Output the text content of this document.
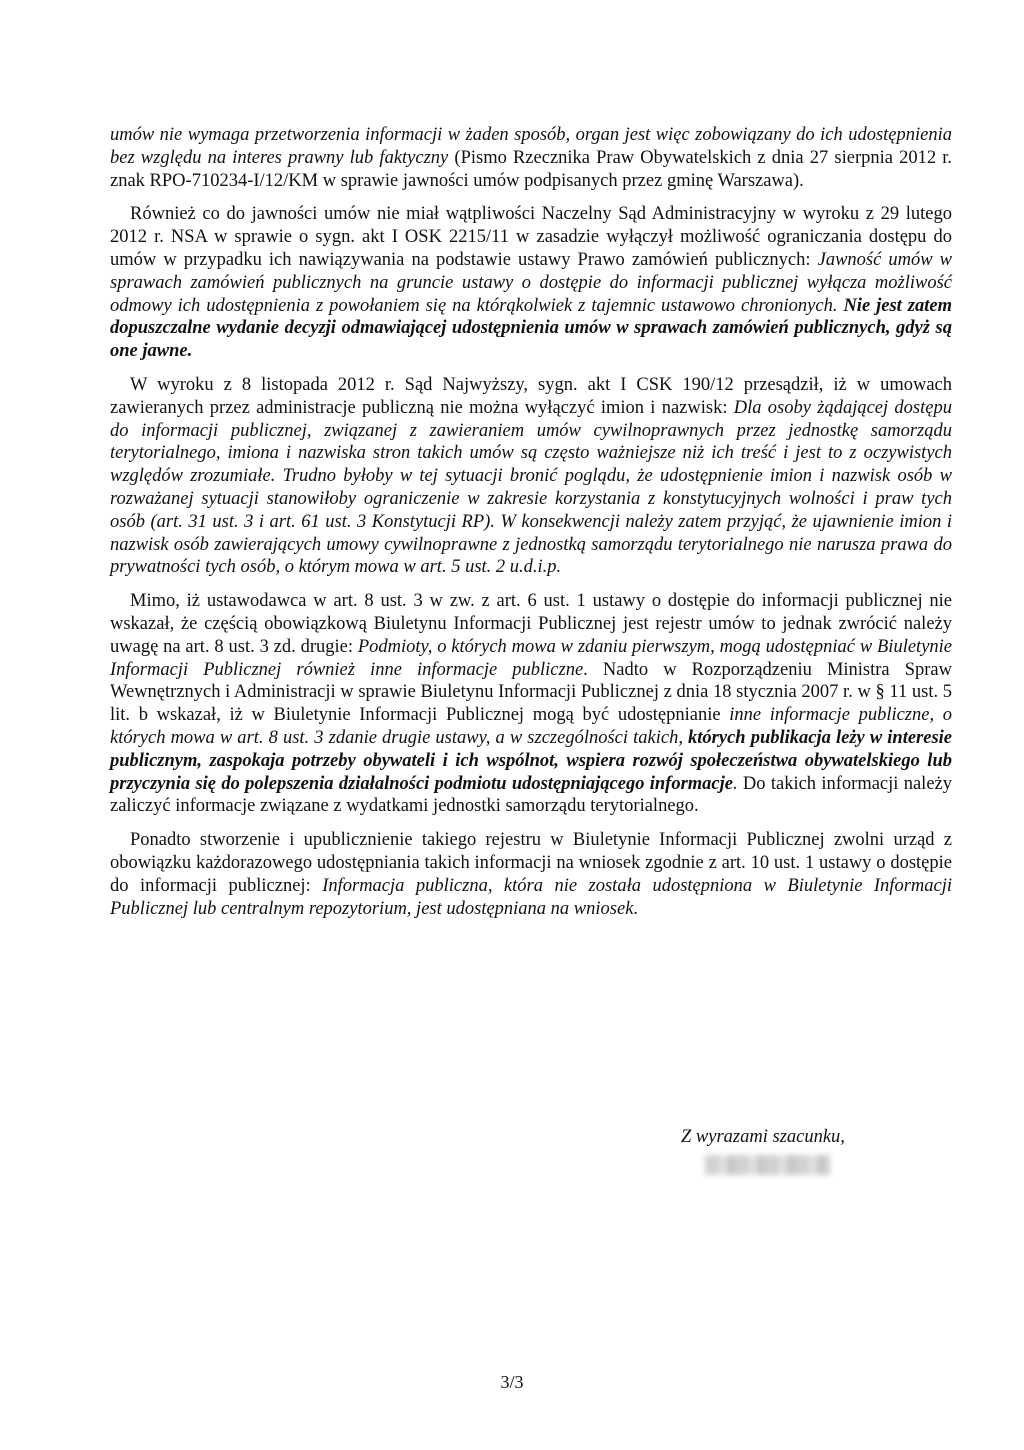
umów nie wymaga przetworzenia informacji w żaden sposób, organ jest więc zobowiązany do ich udostępnienia bez względu na interes prawny lub faktyczny (Pismo Rzecznika Praw Obywatelskich z dnia 27 sierpnia 2012 r. znak RPO-710234-I/12/KM w sprawie jawności umów podpisanych przez gminę Warszawa).

Również co do jawności umów nie miał wątpliwości Naczelny Sąd Administracyjny w wyroku z 29 lutego 2012 r. NSA w sprawie o sygn. akt I OSK 2215/11 w zasadzie wyłączył możliwość ograniczania dostępu do umów w przypadku ich nawiązywania na podstawie ustawy Prawo zamówień publicznych: Jawność umów w sprawach zamówień publicznych na gruncie ustawy o dostępie do informacji publicznej wyłącza możliwość odmowy ich udostępnienia z powołaniem się na którąkolwiek z tajemnic ustawowo chronionych. Nie jest zatem dopuszczalne wydanie decyzji odmawiającej udostępnienia umów w sprawach zamówień publicznych, gdyż są one jawne.

W wyroku z 8 listopada 2012 r. Sąd Najwyższy, sygn. akt I CSK 190/12 przesądził, iż w umowach zawieranych przez administracje publiczną nie można wyłączyć imion i nazwisk: Dla osoby żądającej dostępu do informacji publicznej, związanej z zawieraniem umów cywilnoprawnych przez jednostkę samorządu terytorialnego, imiona i nazwiska stron takich umów są często ważniejsze niż ich treść i jest to z oczywistych względów zrozumiałe. Trudno byłoby w tej sytuacji bronić poglądu, że udostępnienie imion i nazwisk osób w rozważanej sytuacji stanowiłoby ograniczenie w zakresie korzystania z konstytucyjnych wolności i praw tych osób (art. 31 ust. 3 i art. 61 ust. 3 Konstytucji RP). W konsekwencji należy zatem przyjąć, że ujawnienie imion i nazwisk osób zawierających umowy cywilnoprawne z jednostką samorządu terytorialnego nie narusza prawa do prywatności tych osób, o którym mowa w art. 5 ust. 2 u.d.i.p.

Mimo, iż ustawodawca w art. 8 ust. 3 w zw. z art. 6 ust. 1 ustawy o dostępie do informacji publicznej nie wskazał, że częścią obowiązkową Biuletynu Informacji Publicznej jest rejestr umów to jednak zwrócić należy uwagę na art. 8 ust. 3 zd. drugie: Podmioty, o których mowa w zdaniu pierwszym, mogą udostępniać w Biuletynie Informacji Publicznej również inne informacje publiczne. Nadto w Rozporządzeniu Ministra Spraw Wewnętrznych i Administracji w sprawie Biuletynu Informacji Publicznej z dnia 18 stycznia 2007 r. w § 11 ust. 5 lit. b wskazał, iż w Biuletynie Informacji Publicznej mogą być udostępnianie inne informacje publiczne, o których mowa w art. 8 ust. 3 zdanie drugie ustawy, a w szczególności takich, których publikacja leży w interesie publicznym, zaspokaja potrzeby obywateli i ich wspólnot, wspiera rozwój społeczeństwa obywatelskiego lub przyczynia się do polepszenia działalności podmiotu udostępniającego informacje. Do takich informacji należy zaliczyć informacje związane z wydatkami jednostki samorządu terytorialnego.

Ponadto stworzenie i upublicznienie takiego rejestru w Biuletynie Informacji Publicznej zwolni urząd z obowiązku każdorazowego udostępniania takich informacji na wniosek zgodnie z art. 10 ust. 1 ustawy o dostępie do informacji publicznej: Informacja publiczna, która nie została udostępniona w Biuletynie Informacji Publicznej lub centralnym repozytorium, jest udostępniana na wniosek.

Z wyrazami szacunku,
3/3
